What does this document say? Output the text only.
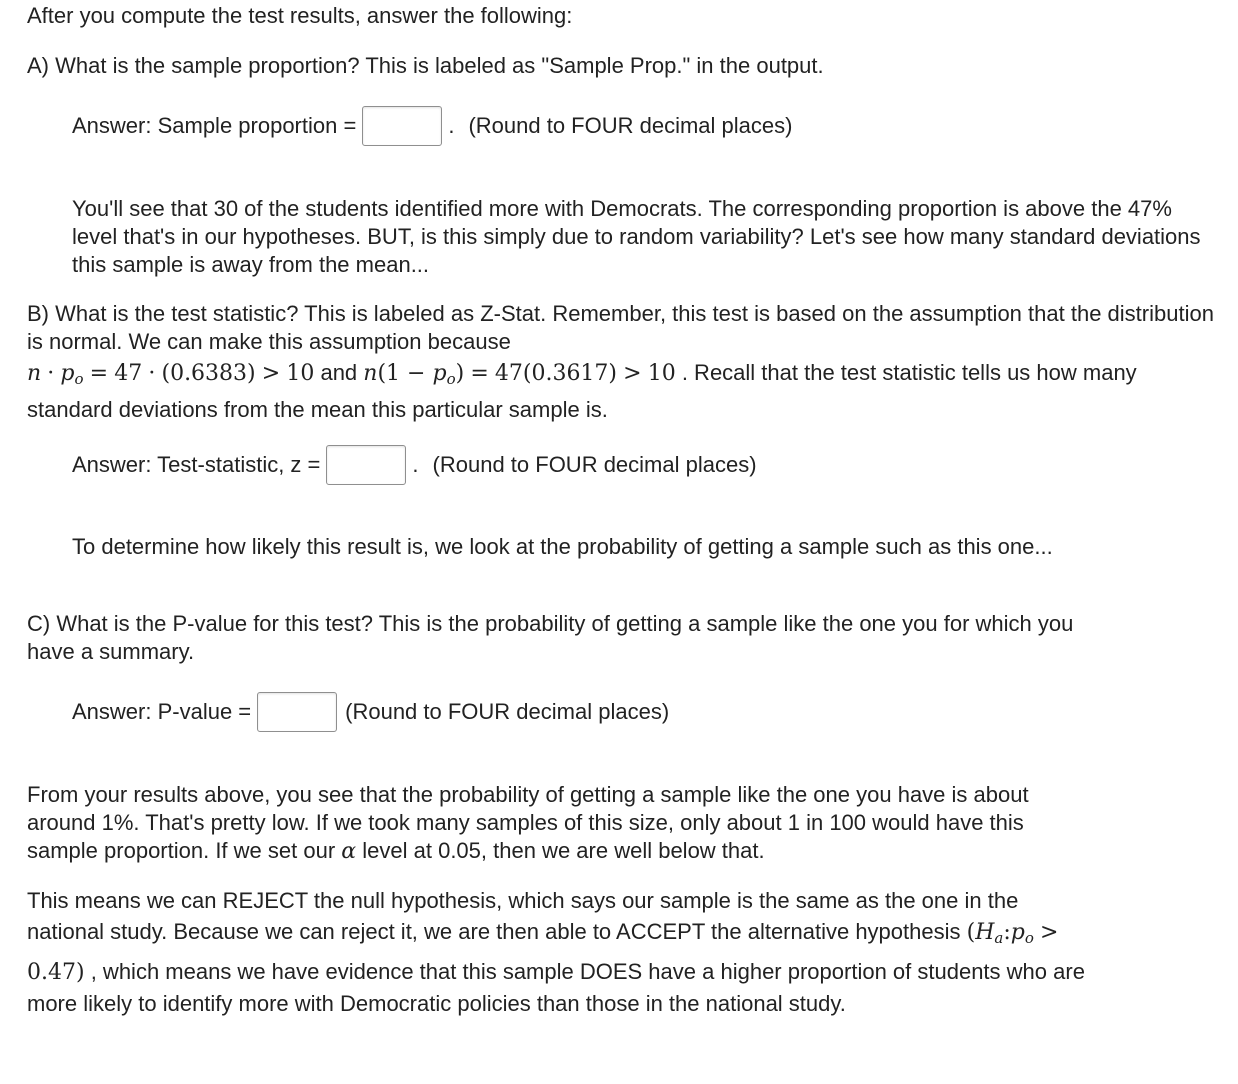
After you compute the test results, answer the following:

A) What is the sample proportion? This is labeled as "Sample Prop." in the output.

Answer: Sample proportion =	. (Round to FOUR decimal places)

You'll see that 30 of the students identified more with Democrats. The corresponding proportion is above the 47% level that's in our hypotheses. BUT, is this simply due to random variability? Let's see how many standard deviations this sample is away from the mean...

B) What is the test statistic? This is labeled as Z-Stat. Remember, this test is based on the assumption that the distribution is normal. We can make this assumption because
$n \cdot p_o = 47 \cdot (0.6383) > 10$ and $n(1 - p_o) = 47(0.3617) > 10$ . Recall that the test statistic tells us how many standard deviations from the mean this particular sample is.

Answer: Test-statistic, z =	. (Round to FOUR decimal places)

To determine how likely this result is, we look at the probability of getting a sample such as this one...

C) What is the P-value for this test? This is the probability of getting a sample like the one you for which you have a summary.

Answer: P-value =	(Round to FOUR decimal places)

From your results above, you see that the probability of getting a sample like the one you have is about around 1%. That's pretty low. If we took many samples of this size, only about 1 in 100 would have this sample proportion. If we set our α level at 0.05, then we are well below that.

This means we can REJECT the null hypothesis, which says our sample is the same as the one in the national study. Because we can reject it, we are then able to ACCEPT the alternative hypothesis $(H_a:p_o > 0.47)$ , which means we have evidence that this sample DOES have a higher proportion of students who are more likely to identify more with Democratic policies than those in the national study.
